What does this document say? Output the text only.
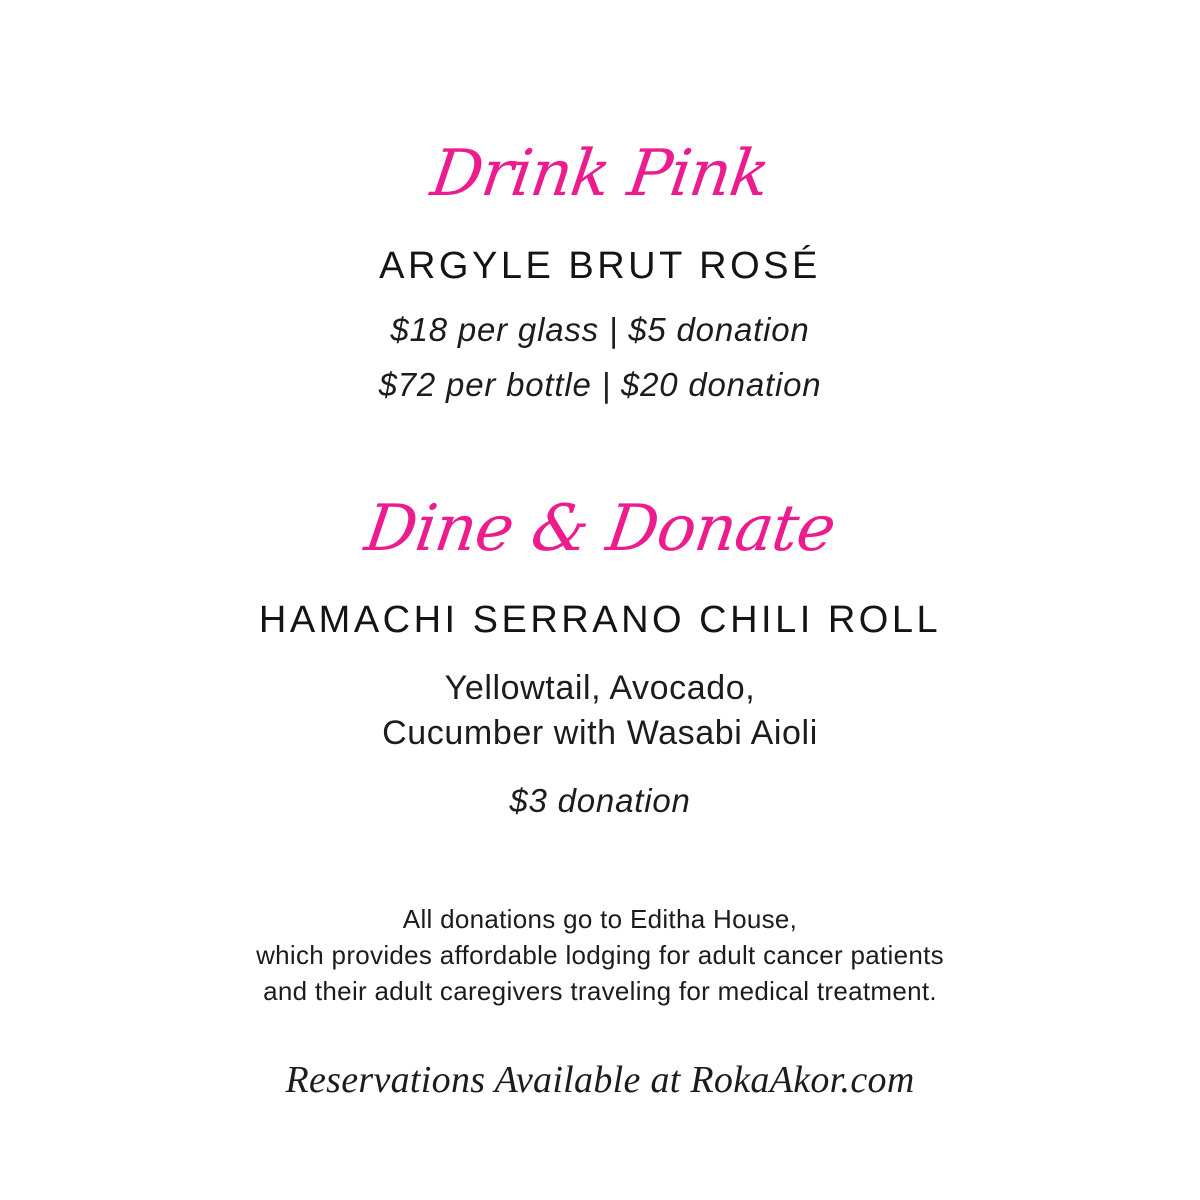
Drink Pink
ARGYLE BRUT ROSÉ
$18 per glass | $5 donation
$72 per bottle | $20 donation
Dine & Donate
HAMACHI SERRANO CHILI ROLL
Yellowtail, Avocado,
Cucumber with Wasabi Aioli
$3 donation
All donations go to Editha House,
which provides affordable lodging for adult cancer patients
and their adult caregivers traveling for medical treatment.
Reservations Available at RokaAkor.com
